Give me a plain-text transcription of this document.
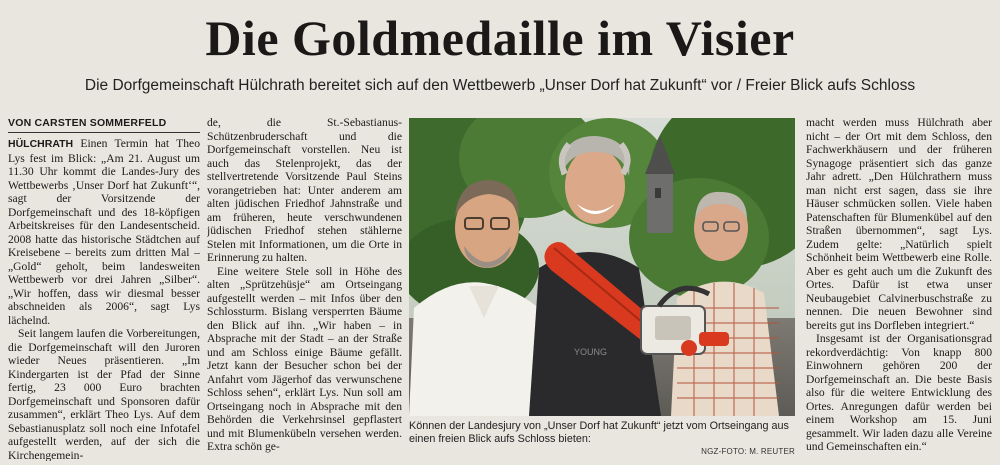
Die Goldmedaille im Visier
Die Dorfgemeinschaft Hülchrath bereitet sich auf den Wettbewerb „Unser Dorf hat Zukunft“ vor / Freier Blick aufs Schloss
VON CARSTEN SOMMERFELD

HÜLCHRATH Einen Termin hat Theo Lys fest im Blick: „Am 21. August um 11.30 Uhr kommt die Landes-Jury des Wettbewerbs ‚Unser Dorf hat Zukunft‘“, sagt der Vorsitzende der Dorfgemeinschaft und des 18-köpfigen Arbeitskreises für den Landesentscheid. 2008 hatte das historische Städtchen auf Kreisebene – bereits zum dritten Mal – „Gold“ geholt, beim landesweiten Wettbewerb vor drei Jahren „Silber“. „Wir hoffen, dass wir diesmal besser abschneiden als 2006“, sagt Lys lächelnd.

Seit langem laufen die Vorbereitungen, die Dorfgemeinschaft will den Juroren wieder Neues präsentieren. „Im Kindergarten ist der Pfad der Sinne fertig, 23 000 Euro brachten Dorfgemeinschaft und Sponsoren dafür zusammen“, erklärt Theo Lys. Auf dem Sebastianusplatz soll noch eine Infotafel aufgestellt werden, auf der sich die Kirchengemein-

de, die St.-Sebastianus-Schützenbruderschaft und die Dorfgemeinschaft vorstellen. Neu ist auch das Stelenprojekt, das der stellvertretende Vorsitzende Paul Steins vorangetrieben hat: Unter anderem am alten jüdischen Friedhof Jahnstraße und am früheren, heute verschwundenen jüdischen Friedhof stehen stählerne Stelen mit Informationen, um die Orte in Erinnerung zu halten.

Eine weitere Stele soll in Höhe des alten „Sprützehüsje“ am Ortseingang aufgestellt werden – mit Infos über den Schlossturm. Bislang versperrten Bäume den Blick auf ihn. „Wir haben – in Absprache mit der Stadt – an der Straße und am Schloss einige Bäume gefällt. Jetzt kann der Besucher schon bei der Anfahrt vom Jägerhof das verwunschene Schloss sehen“, erklärt Lys. Nun soll am Ortseingang noch in Absprache mit den Behörden die Verkehrsinsel gepflastert und mit Blumenkübeln versehen werden. Extra schön ge-

YOUNG
Können der Landesjury von „Unser Dorf hat Zukunft“ jetzt vom Ortseingang aus einen freien Blick aufs Schloss bieten:
NGZ-FOTO: M. REUTER

macht werden muss Hülchrath aber nicht – der Ort mit dem Schloss, den Fachwerkhäusern und der früheren Synagoge präsentiert sich das ganze Jahr adrett. „Den Hülchrathern muss man nicht erst sagen, dass sie ihre Häuser schmücken sollen. Viele haben Patenschaften für Blumenkübel auf den Straßen übernommen“, sagt Lys. Zudem gelte: „Natürlich spielt Schönheit beim Wettbewerb eine Rolle. Aber es geht auch um die Zukunft des Ortes. Dafür ist etwa unser Neubaugebiet Calvinerbuschstraße zu nennen. Die neuen Bewohner sind bereits gut ins Dorfleben integriert.“

Insgesamt ist der Organisationsgrad rekordverdächtig: Von knapp 800 Einwohnern gehören 200 der Dorfgemeinschaft an. Die beste Basis also für die weitere Entwicklung des Ortes. Anregungen dafür werden bei einem Workshop am 15. Juni gesammelt. Wir laden dazu alle Vereine und Gemeinschaften ein.“
